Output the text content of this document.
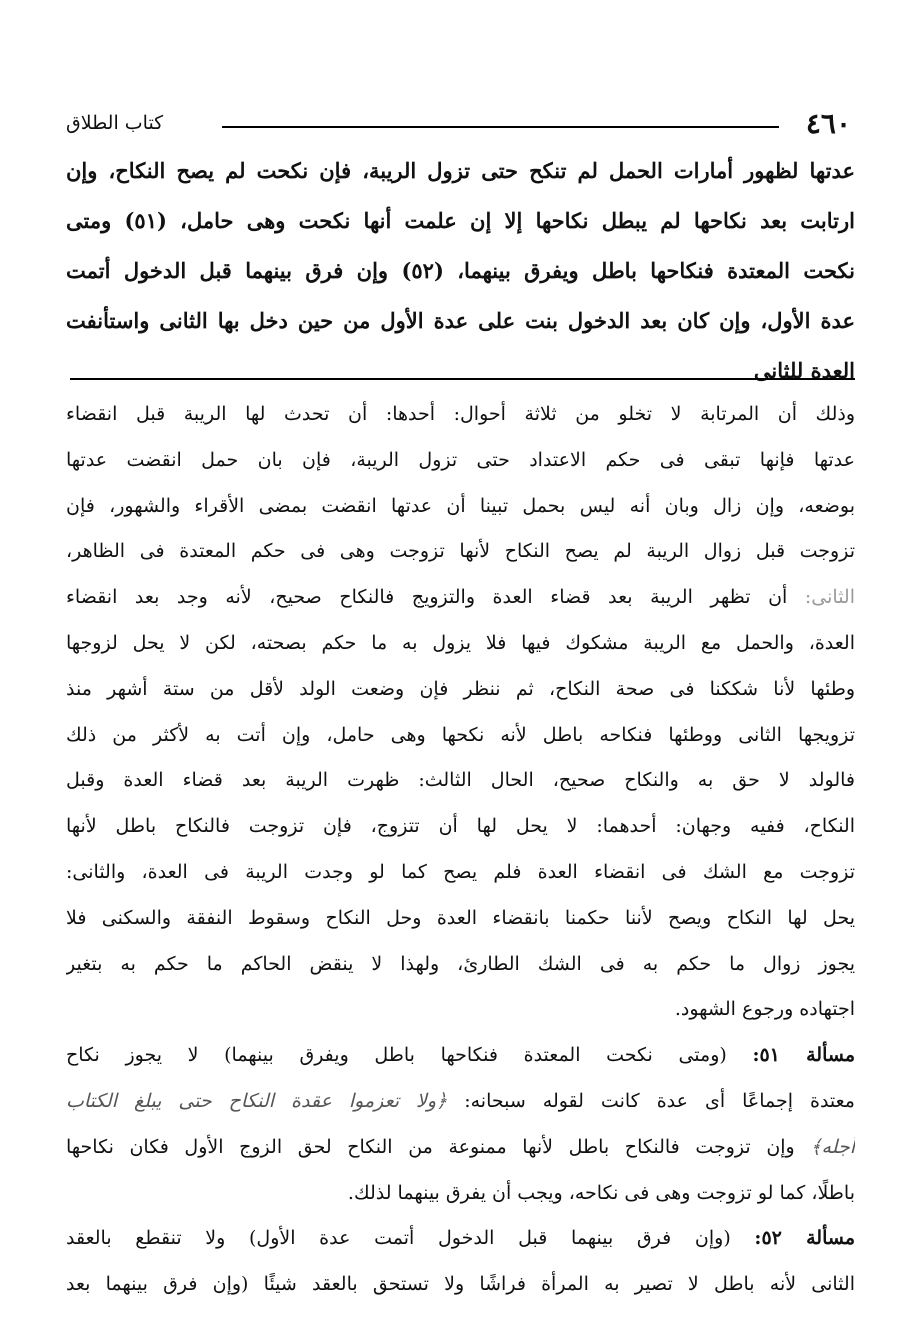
٤٦٠
كتاب الطلاق
عدتها لظهور أمارات الحمل لم تنكح حتى تزول الريبة، فإن نكحت لم يصح النكاح، وإن
ارتابت بعد نكاحها لم يبطل نكاحها إلا إن علمت أنها نكحت وهى حامل، (٥١) ومتى
نكحت المعتدة فنكاحها باطل ويفرق بينهما، (٥٢) وإن فرق بينهما قبل الدخول أتمت
عدة الأول، وإن كان بعد الدخول بنت على عدة الأول من حين دخل بها الثانى واستأنفت
العدة للثانى
وذلك أن المرتابة لا تخلو من ثلاثة أحوال: أحدها: أن تحدث لها الريبة قبل انقضاء
عدتها فإنها تبقى فى حكم الاعتداد حتى تزول الريبة، فإن بان حمل انقضت عدتها
بوضعه، وإن زال وبان أنه ليس بحمل تبينا أن عدتها انقضت بمضى الأقراء والشهور، فإن
تزوجت قبل زوال الريبة لم يصح النكاح لأنها تزوجت وهى فى حكم المعتدة فى الظاهر،
الثانى: أن تظهر الريبة بعد قضاء العدة والتزويج فالنكاح صحيح، لأنه وجد بعد انقضاء
العدة، والحمل مع الريبة مشكوك فيها فلا يزول به ما حكم بصحته، لكن لا يحل لزوجها
وطئها لأنا شككنا فى صحة النكاح، ثم ننظر فإن وضعت الولد لأقل من ستة أشهر منذ
تزويجها الثانى ووطئها فنكاحه باطل لأنه نكحها وهى حامل، وإن أتت به لأكثر من ذلك
فالولد لا حق به والنكاح صحيح، الحال الثالث: ظهرت الريبة بعد قضاء العدة وقبل
النكاح، ففيه وجهان: أحدهما: لا يحل لها أن تتزوج، فإن تزوجت فالنكاح باطل لأنها
تزوجت مع الشك فى انقضاء العدة فلم يصح كما لو وجدت الريبة فى العدة، والثانى:
يحل لها النكاح ويصح لأننا حكمنا بانقضاء العدة وحل النكاح وسقوط النفقة والسكنى فلا
يجوز زوال ما حكم به فى الشك الطارئ، ولهذا لا ينقض الحاكم ما حكم به بتغير
اجتهاده ورجوع الشهود.
مسألة ٥١: (ومتى نكحت المعتدة فنكاحها باطل ويفرق بينهما) لا يجوز نكاح
معتدة إجماعًا أى عدة كانت لقوله سبحانه: ﴿ولا تعزموا عقدة النكاح حتى يبلغ الكتاب
أجله﴾ وإن تزوجت فالنكاح باطل لأنها ممنوعة من النكاح لحق الزوج الأول فكان نكاحها
باطلًا، كما لو تزوجت وهى فى نكاحه، ويجب أن يفرق بينهما لذلك.
مسألة ٥٢: (وإن فرق بينهما قبل الدخول أتمت عدة الأول) ولا تنقطع بالعقد
الثانى لأنه باطل لا تصير به المرأة فراشًا ولا تستحق بالعقد شيئًا (وإن فرق بينهما بعد
